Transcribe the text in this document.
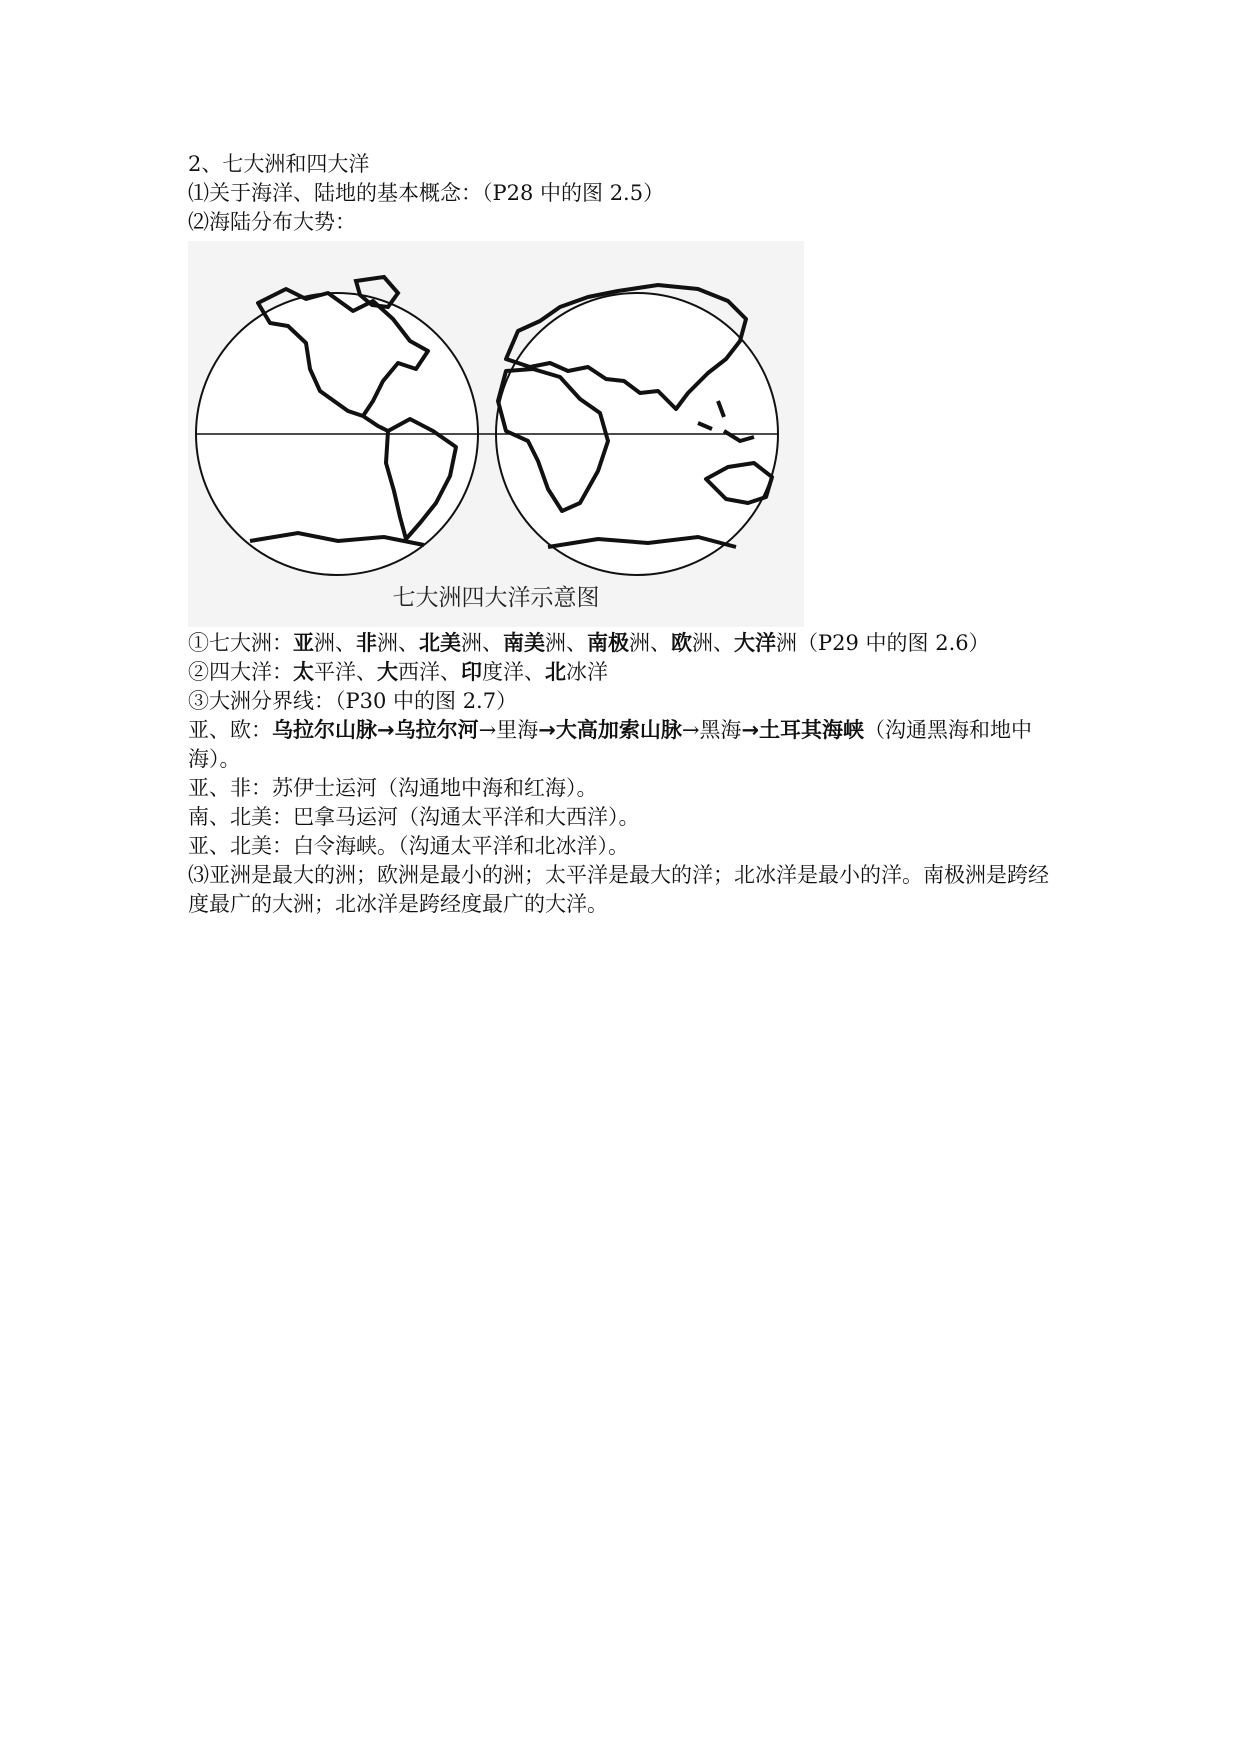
2、七大洲和四大洋
⑴关于海洋、陆地的基本概念：（P28 中的图 2.5）
⑵海陆分布大势：
七大洲四大洋示意图
①七大洲：亚洲、非洲、北美洲、南美洲、南极洲、欧洲、大洋洲（P29 中的图 2.6）
②四大洋：太平洋、大西洋、印度洋、北冰洋
③大洲分界线：（P30 中的图 2.7）
亚、欧：乌拉尔山脉→乌拉尔河→里海→大高加索山脉→黑海→土耳其海峡（沟通黑海和地中海）。
亚、非：苏伊士运河（沟通地中海和红海）。
南、北美：巴拿马运河（沟通太平洋和大西洋）。
亚、北美：白令海峡。（沟通太平洋和北冰洋）。
⑶亚洲是最大的洲；欧洲是最小的洲；太平洋是最大的洋；北冰洋是最小的洋。南极洲是跨经度最广的大洲；北冰洋是跨经度最广的大洋。
